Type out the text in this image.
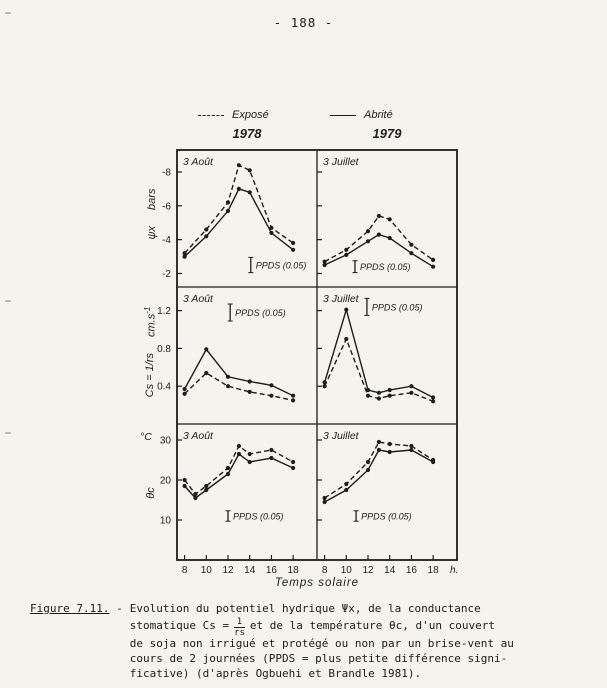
- 188 -
-2
-4
-6
-8
PPDS (0.05)
3 Août
PPDS (0.05)
3 Juillet
1.2
0.8
0.4
PPDS (0.05)
3 Août
PPDS (0.05)
3 Juillet
30
20
10
8 10 12 14 16 18
PPDS (0.05)
3 Août
8 10 12 14 16 18
PPDS (0.05)
3 Juillet
h.
Exposé	Abrité
1978	1979
ψx
bars
Cs = 1/rs
$cm.s^{-1}$
θc
°C
Temps solaire
Figure 7.11. - Evolution du potentiel hydrique Ψx, de la conductance
stomatique $Cs = \frac{1}{rs}$ et de la température θc, d'un couvert
de soja non irrigué et protégé ou non par un brise-vent au
cours de 2 journées (PPDS = plus petite différence signi-
ficative) (d'après Ogbuehi et Brandle 1981).
